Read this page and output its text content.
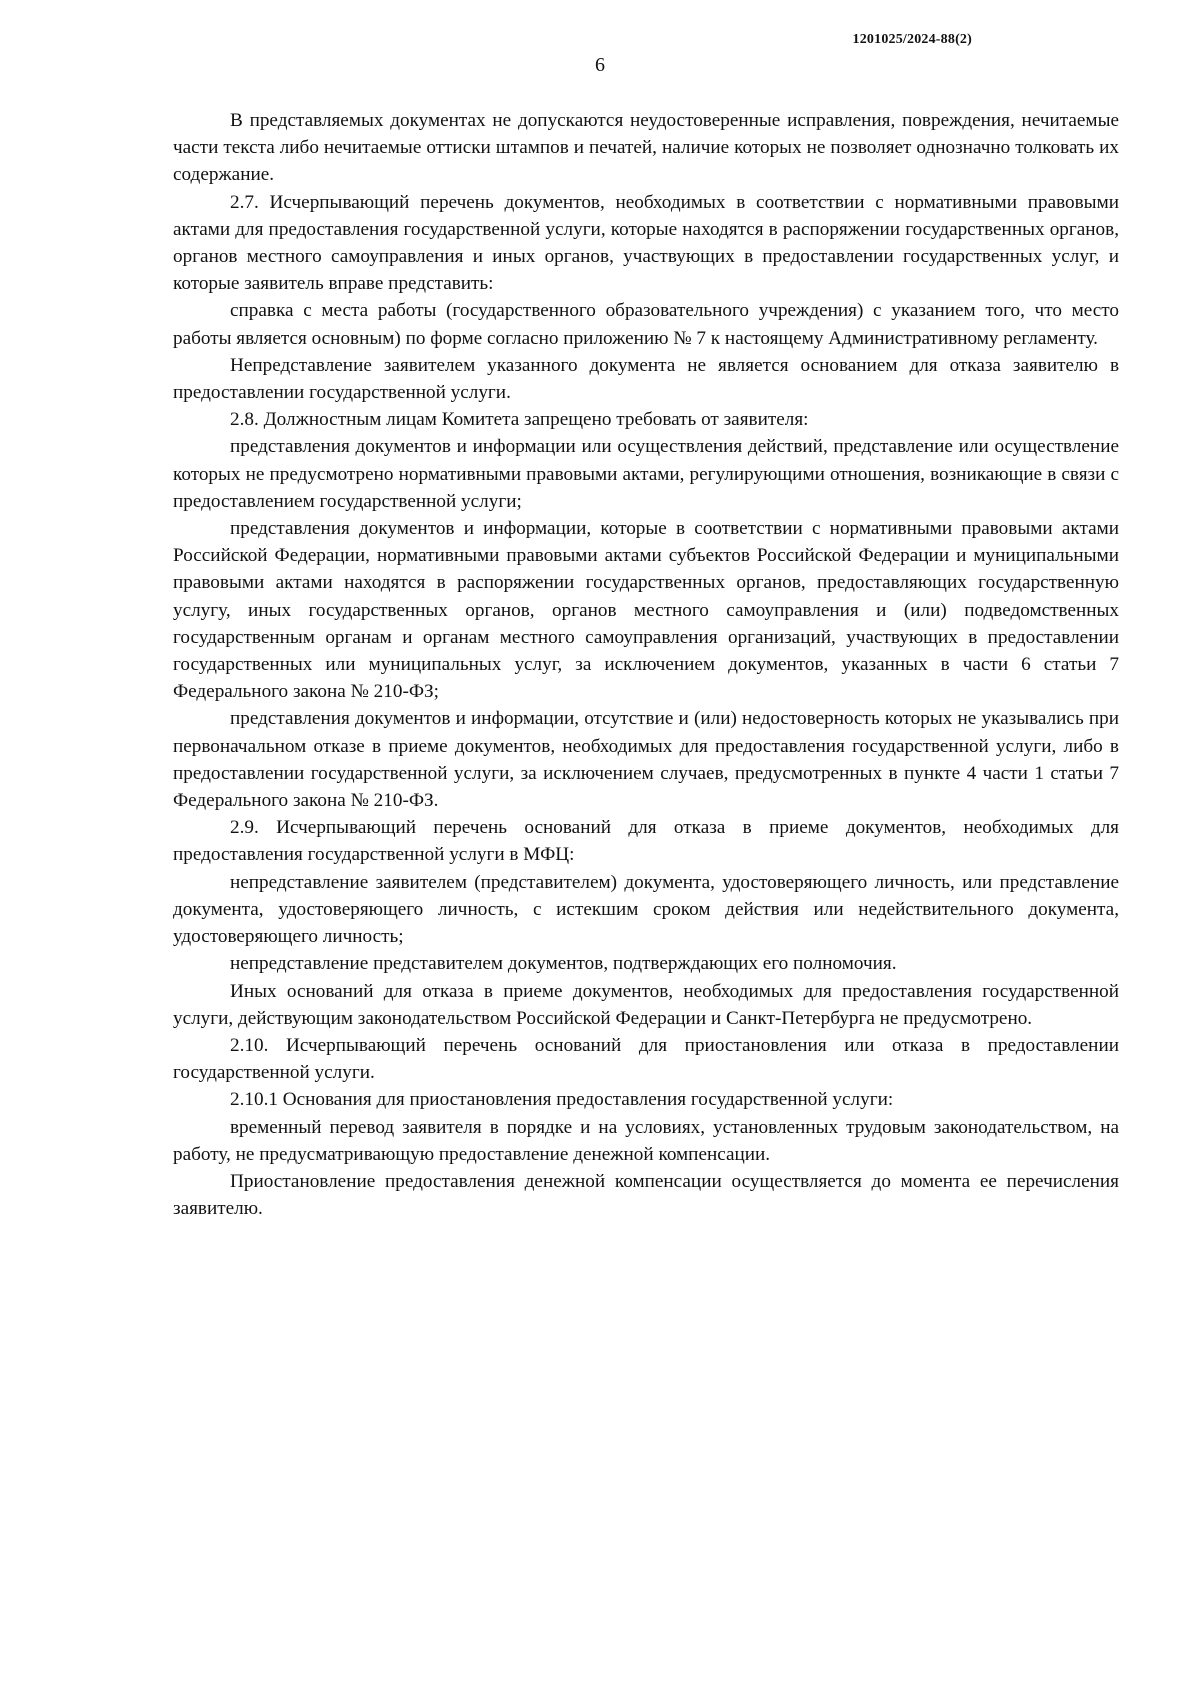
1201025/2024-88(2)
6

В представляемых документах не допускаются неудостоверенные исправления, повреждения, нечитаемые части текста либо нечитаемые оттиски штампов и печатей, наличие которых не позволяет однозначно толковать их содержание.

2.7. Исчерпывающий перечень документов, необходимых в соответствии с нормативными правовыми актами для предоставления государственной услуги, которые находятся в распоряжении государственных органов, органов местного самоуправления и иных органов, участвующих в предоставлении государственных услуг, и которые заявитель вправе представить:

справка с места работы (государственного образовательного учреждения) с указанием того, что место работы является основным) по форме согласно приложению № 7 к настоящему Административному регламенту.

Непредставление заявителем указанного документа не является основанием для отказа заявителю в предоставлении государственной услуги.

2.8. Должностным лицам Комитета запрещено требовать от заявителя:

представления документов и информации или осуществления действий, представление или осуществление которых не предусмотрено нормативными правовыми актами, регулирующими отношения, возникающие в связи с предоставлением государственной услуги;

представления документов и информации, которые в соответствии с нормативными правовыми актами Российской Федерации, нормативными правовыми актами субъектов Российской Федерации и муниципальными правовыми актами находятся в распоряжении государственных органов, предоставляющих государственную услугу, иных государственных органов, органов местного самоуправления и (или) подведомственных государственным органам и органам местного самоуправления организаций, участвующих в предоставлении государственных или муниципальных услуг, за исключением документов, указанных в части 6 статьи 7 Федерального закона № 210-ФЗ;

представления документов и информации, отсутствие и (или) недостоверность которых не указывались при первоначальном отказе в приеме документов, необходимых для предоставления государственной услуги, либо в предоставлении государственной услуги, за исключением случаев, предусмотренных в пункте 4 части 1 статьи 7 Федерального закона № 210-ФЗ.

2.9. Исчерпывающий перечень оснований для отказа в приеме документов, необходимых для предоставления государственной услуги в МФЦ:

непредставление заявителем (представителем) документа, удостоверяющего личность, или представление документа, удостоверяющего личность, с истекшим сроком действия или недействительного документа, удостоверяющего личность;

непредставление представителем документов, подтверждающих его полномочия.

Иных оснований для отказа в приеме документов, необходимых для предоставления государственной услуги, действующим законодательством Российской Федерации и Санкт-Петербурга не предусмотрено.

2.10. Исчерпывающий перечень оснований для приостановления или отказа в предоставлении государственной услуги.

2.10.1 Основания для приостановления предоставления государственной услуги:

временный перевод заявителя в порядке и на условиях, установленных трудовым законодательством, на работу, не предусматривающую предоставление денежной компенсации.

Приостановление предоставления денежной компенсации осуществляется до момента ее перечисления заявителю.
